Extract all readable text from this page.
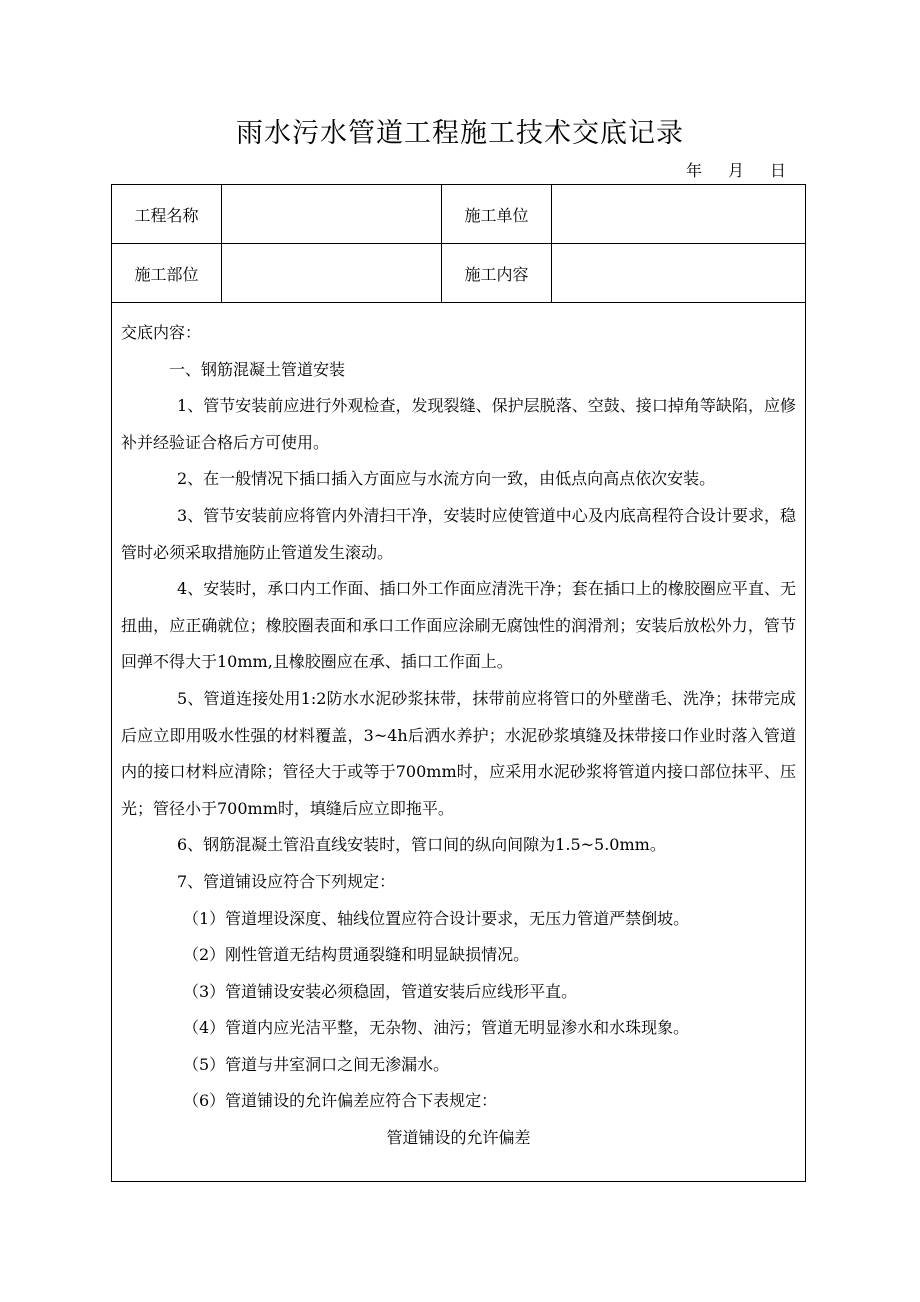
雨水污水管道工程施工技术交底记录
年 月 日
工程名称	施工单位
施工部位	施工内容

交底内容：

一、钢筋混凝土管道安装

1、管节安装前应进行外观检查，发现裂缝、保护层脱落、空鼓、接口掉角等缺陷，应修补并经验证合格后方可使用。

2、在一般情况下插口插入方面应与水流方向一致，由低点向高点依次安装。

3、管节安装前应将管内外清扫干净，安装时应使管道中心及内底高程符合设计要求，稳管时必须采取措施防止管道发生滚动。

4、安装时，承口内工作面、插口外工作面应清洗干净；套在插口上的橡胶圈应平直、无扭曲，应正确就位；橡胶圈表面和承口工作面应涂刷无腐蚀性的润滑剂；安装后放松外力，管节回弹不得大于10mm,且橡胶圈应在承、插口工作面上。

5、管道连接处用1:2防水水泥砂浆抹带，抹带前应将管口的外壁凿毛、洗净；抹带完成后应立即用吸水性强的材料覆盖，3~4h后洒水养护；水泥砂浆填缝及抹带接口作业时落入管道内的接口材料应清除；管径大于或等于700mm时，应采用水泥砂浆将管道内接口部位抹平、压光；管径小于700mm时，填缝后应立即拖平。

6、钢筋混凝土管沿直线安装时，管口间的纵向间隙为1.5~5.0mm。

7、管道铺设应符合下列规定：

（1）管道埋设深度、轴线位置应符合设计要求，无压力管道严禁倒坡。

（2）刚性管道无结构贯通裂缝和明显缺损情况。

（3）管道铺设安装必须稳固，管道安装后应线形平直。

（4）管道内应光洁平整，无杂物、油污；管道无明显渗水和水珠现象。

（5）管道与井室洞口之间无渗漏水。

（6）管道铺设的允许偏差应符合下表规定：

管道铺设的允许偏差
